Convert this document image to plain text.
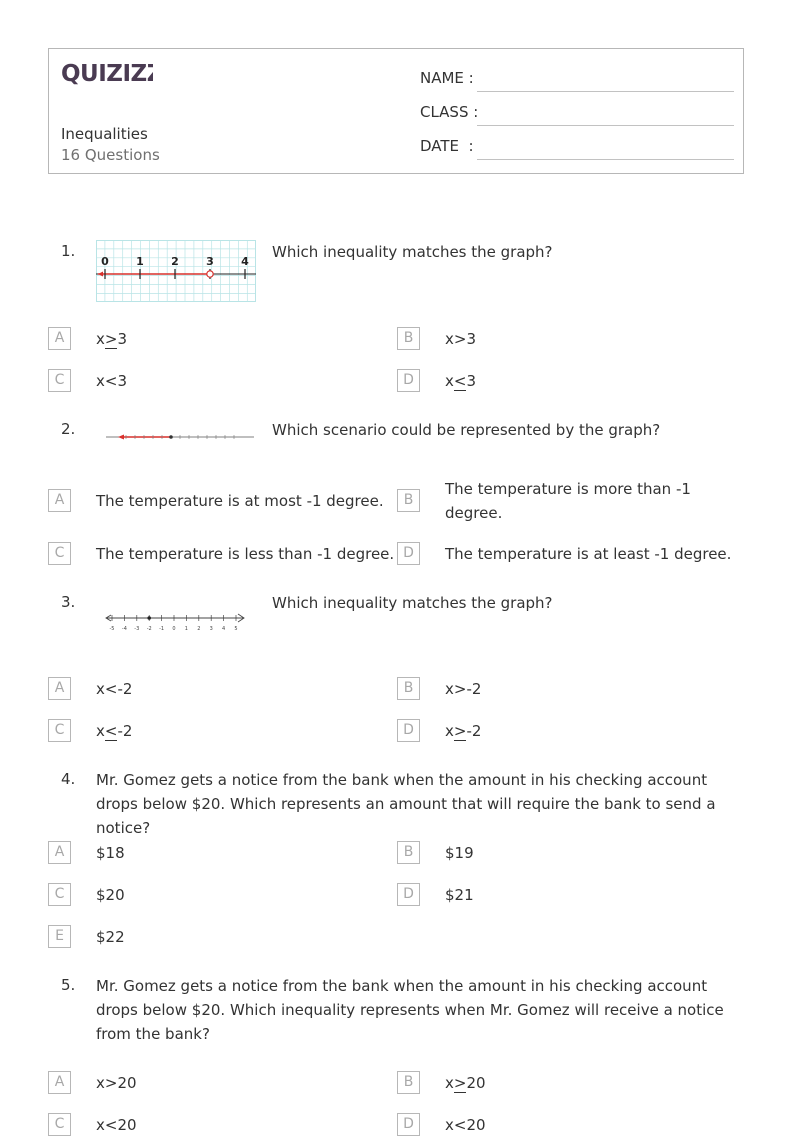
QUIZIZZ
Inequalities
16 Questions
NAME :
CLASS :
DATE  :
1.
0 1 2 3 4
Which inequality matches the graph?
A	x>3	B	x>3
C	x<3	D	x<3
2.	Which scenario could be represented by the graph?
A	The temperature is at most -1 degree.	B
The temperature is more than -1 degree.
C	The temperature is less than -1 degree. D	The temperature is at least -1 degree.
3.
-5 -4 -3 -2 -1 0 1 2 3 4 5
Which inequality matches the graph?
A	x<-2	B	x>-2
C	x<-2	D	x>-2
4. Mr. Gomez gets a notice from the bank when the amount in his checking account drops below $20. Which represents an amount that will require the bank to send a notice?
A	$18	B	$19
C	$20	D	$21
E	$22
5. Mr. Gomez gets a notice from the bank when the amount in his checking account drops below $20. Which inequality represents when Mr. Gomez will receive a notice from the bank?
A	x>20	B	x>20
C	x<20	D	x<20
